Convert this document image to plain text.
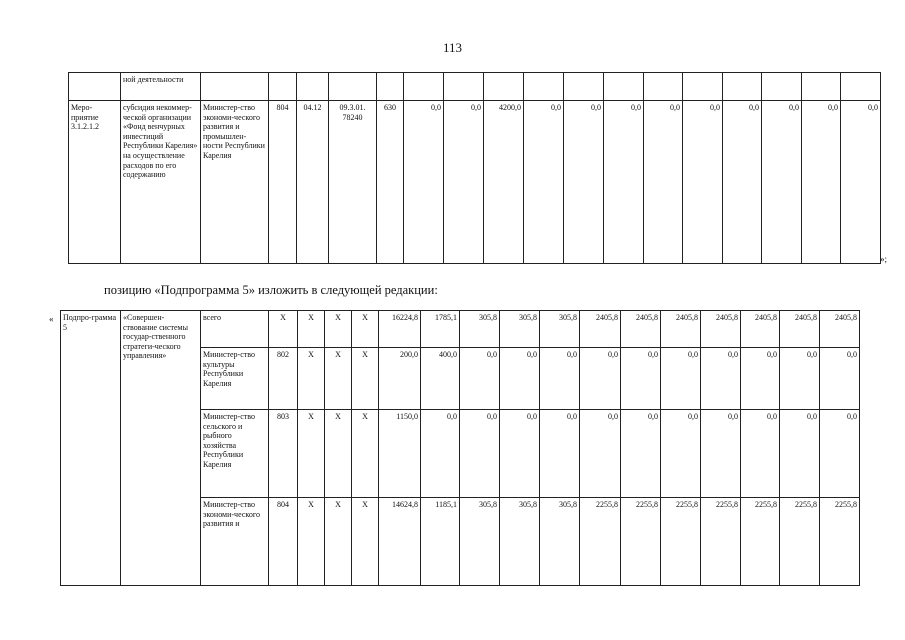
113
	ной деятельности																	
Меро-приятие 3.1.2.1.2	субсидия некоммер-ческой организации «Фонд венчурных инвестиций Республики Карелия» на осуществление расходов по его содержанию	Министер-ство экономи-ческого развития и промышлен-ности Республики Карелия	804	04.12	09.3.01. 78240	630	0,0	0,0	4200,0	0,0	0,0	0,0	0,0	0,0	0,0	0,0	0,0	0,0
»;
позицию «Подпрограмма 5» изложить в следующей редакции:
« Подпро-грамма 5	«Совершен-ствование системы государ-ственного стратеги-ческого управления»	всего	X	X	X	X	16224,8	1785,1	305,8	305,8	305,8	2405,8	2405,8	2405,8	2405,8	2405,8	2405,8	2405,8
		Министер-ство культуры Республики Карелия	802	X	X	X	200,0	400,0	0,0	0,0	0,0	0,0	0,0	0,0	0,0	0,0	0,0	0,0
		Министер-ство сельского и рыбного хозяйства Республики Карелия	803	X	X	X	1150,0	0,0	0,0	0,0	0,0	0,0	0,0	0,0	0,0	0,0	0,0	0,0
		Министер-ство экономи-ческого развития и	804	X	X	X	14624,8	1185,1	305,8	305,8	305,8	2255,8	2255,8	2255,8	2255,8	2255,8	2255,8	2255,8
